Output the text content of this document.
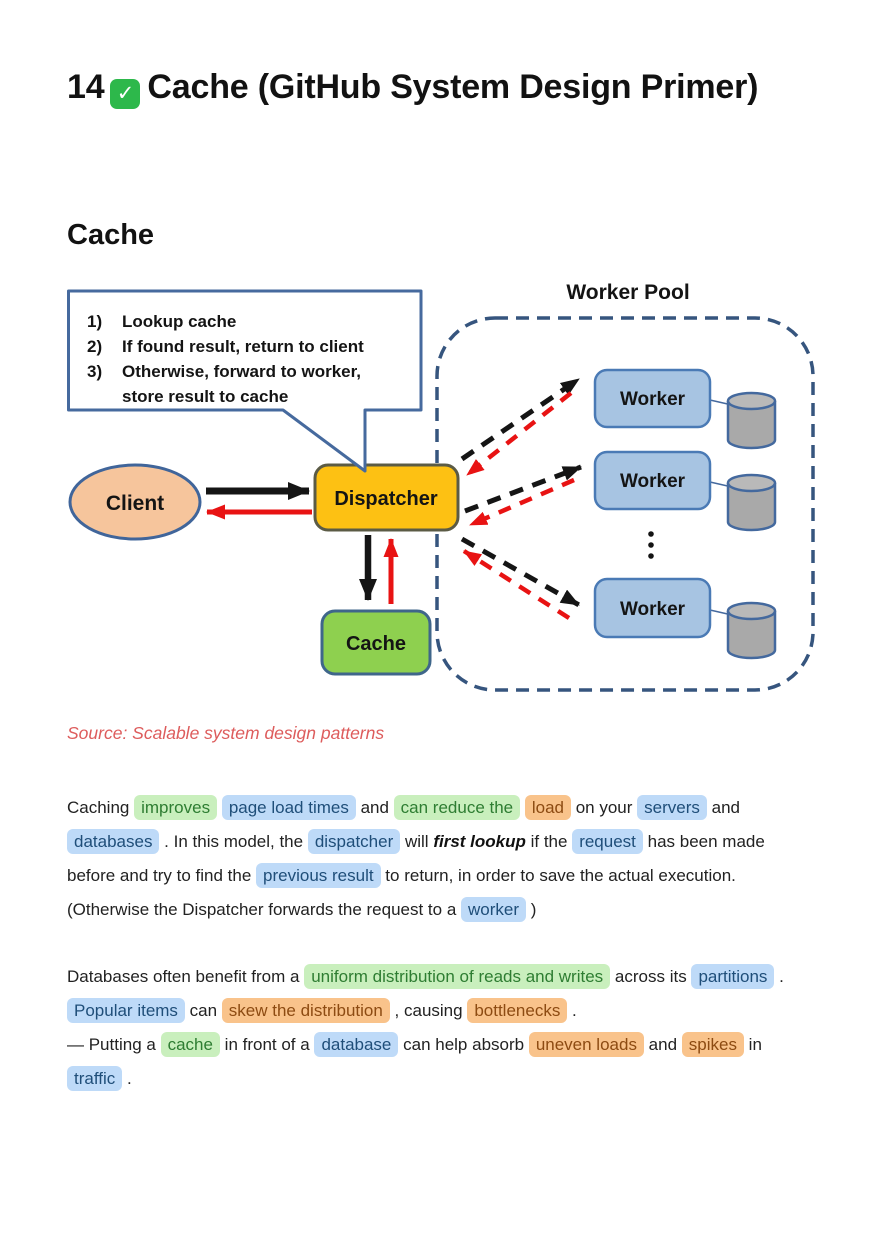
14 ✓ Cache (GitHub System Design Primer)
Cache
Worker Pool
Worker
Worker
Worker
Dispatcher
Cache
Client
1) Lookup cache
2) If found result, return to client
3) Otherwise, forward to worker,
store result to cache

Source: Scalable system design patterns

Caching improves page load times and can reduce the load on your servers and databases . In this model, the dispatcher will first lookup if the request has been made before and try to find the previous result to return, in order to save the actual execution. (Otherwise the Dispatcher forwards the request to a worker )

Databases often benefit from a uniform distribution of reads and writes across its partitions . Popular items can skew the distribution , causing bottlenecks .
— Putting a cache in front of a database can help absorb uneven loads and spikes in traffic .
